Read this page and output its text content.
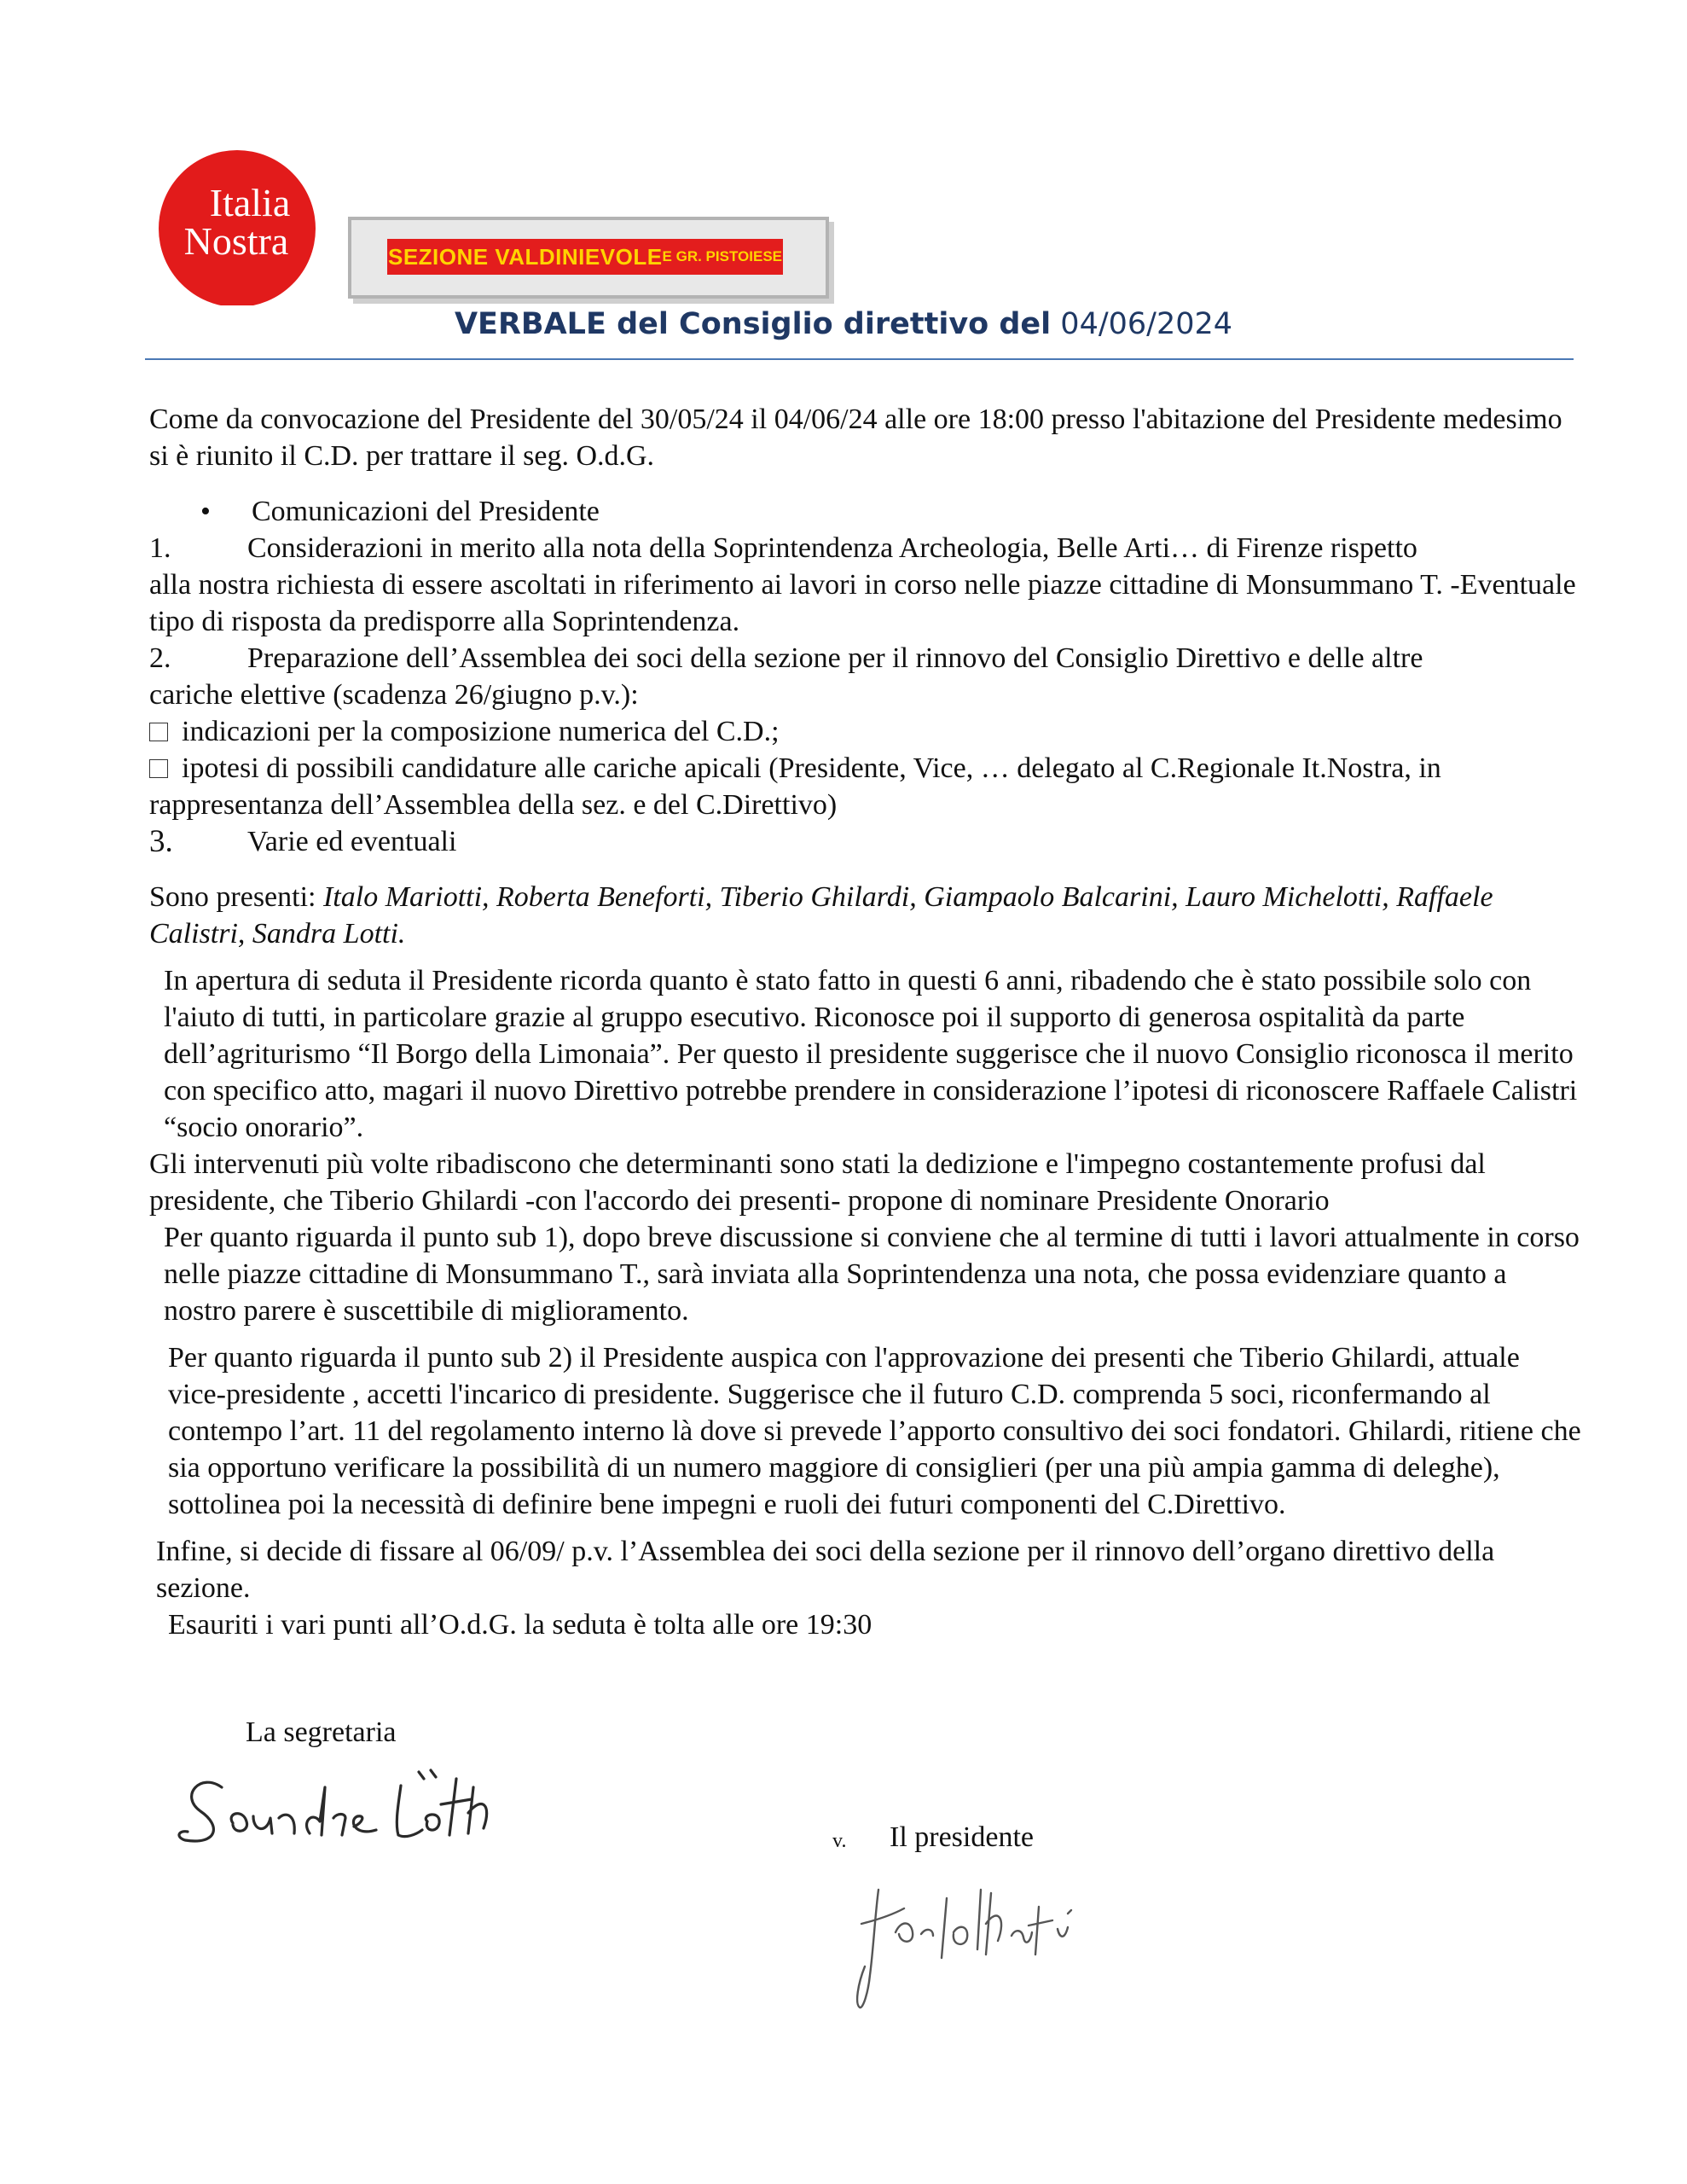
Italia
Nostra	SEZIONE VALDINIEVOLE E GR. PISTOIESE
VERBALE del Consiglio direttivo del 04/06/2024

Come da convocazione del Presidente del 30/05/24 il 04/06/24 alle ore 18:00 presso l'abitazione del Presidente medesimo si è riunito il C.D. per trattare il seg. O.d.G.

•	Comunicazioni del Presidente
1.	Considerazioni in merito alla nota della Soprintendenza Archeologia, Belle Arti… di Firenze rispetto

alla nostra richiesta di essere ascoltati in riferimento ai lavori in corso nelle piazze cittadine di Monsummano T. -Eventuale tipo di risposta da predisporre alla Soprintendenza.

2.	Preparazione dell’Assemblea dei soci della sezione per il rinnovo del Consiglio Direttivo e delle altre

cariche elettive (scadenza 26/giugno p.v.):

indicazioni per la composizione numerica del C.D.;

ipotesi di possibili candidature alle cariche apicali (Presidente, Vice, … delegato al C.Regionale It.Nostra, in rappresentanza dell’Assemblea della sez. e del C.Direttivo)

3.	Varie ed eventuali

Sono presenti: Italo Mariotti, Roberta Beneforti, Tiberio Ghilardi, Giampaolo Balcarini, Lauro Michelotti, Raffaele Calistri, Sandra Lotti.

In apertura di seduta il Presidente ricorda quanto è stato fatto in questi 6 anni, ribadendo che è stato possibile solo con l'aiuto di tutti, in particolare grazie al gruppo esecutivo. Riconosce poi il supporto di generosa ospitalità da parte dell’agriturismo “Il Borgo della Limonaia”. Per questo il presidente suggerisce che il nuovo Consiglio riconosca il merito con specifico atto, magari il nuovo Direttivo potrebbe prendere in considerazione l’ipotesi di riconoscere Raffaele Calistri “socio onorario”.

Gli intervenuti più volte ribadiscono che determinanti sono stati la dedizione e l'impegno costantemente profusi dal presidente, che Tiberio Ghilardi -con l'accordo dei presenti- propone di nominare Presidente Onorario

Per quanto riguarda il punto sub 1), dopo breve discussione si conviene che al termine di tutti i lavori attualmente in corso nelle piazze cittadine di Monsummano T., sarà inviata alla Soprintendenza una nota, che possa evidenziare quanto a nostro parere è suscettibile di miglioramento.

Per quanto riguarda il punto sub 2) il Presidente auspica con l'approvazione dei presenti che Tiberio Ghilardi, attuale vice-presidente , accetti l'incarico di presidente. Suggerisce che il futuro C.D. comprenda 5 soci, riconfermando al contempo l’art. 11 del regolamento interno là dove si prevede l’apporto consultivo dei soci fondatori. Ghilardi, ritiene che sia opportuno verificare la possibilità di un numero maggiore di consiglieri (per una più ampia gamma di deleghe), sottolinea poi la necessità di definire bene impegni e ruoli dei futuri componenti del C.Direttivo.

Infine, si decide di fissare al 06/09/ p.v. l’Assemblea dei soci della sezione per il rinnovo dell’organo direttivo della sezione.

Esauriti i vari punti all’O.d.G. la seduta è tolta alle ore 19:30

La segretaria
v. Il presidente
